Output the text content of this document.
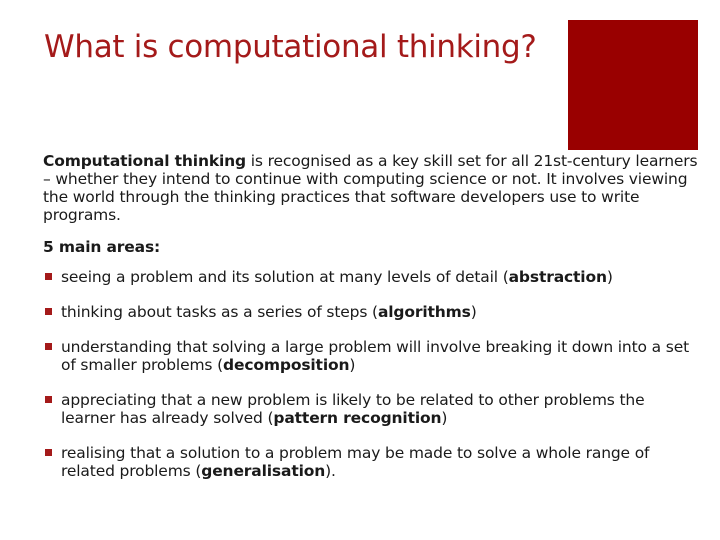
What is computational thinking?

Computational thinking is recognised as a key skill set for all 21st-century learners – whether they intend to continue with computing science or not. It involves viewing the world through the thinking practices that software developers use to write programs.

5 main areas:

seeing a problem and its solution at many levels of detail (abstraction)
thinking about tasks as a series of steps (algorithms)
understanding that solving a large problem will involve breaking it down into a set of smaller problems (decomposition)
appreciating that a new problem is likely to be related to other problems the learner has already solved (pattern recognition)
realising that a solution to a problem may be made to solve a whole range of related problems (generalisation).
